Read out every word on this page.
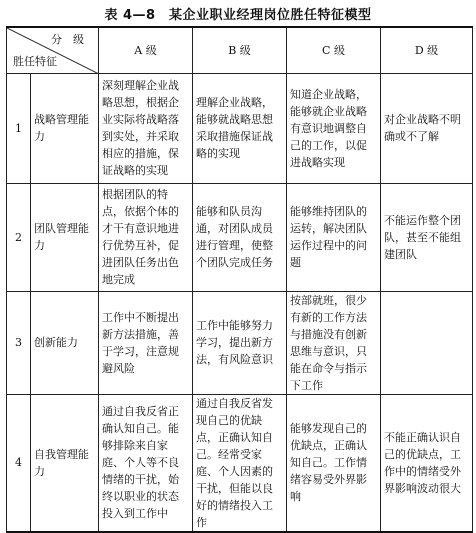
表 4—8　某企业职业经理岗位胜任特征模型
分　级
胜任特征		A 级	B 级	C 级	D 级
1	战略管理能力	深刻理解企业战略思想，根据企业实际将战略落到实处，并采取相应的措施，保证战略的实现	理解企业战略，能够就战略思想采取措施保证战略的实现	知道企业战略，能够就企业战略有意识地调整自己的工作，以促进战略实现	对企业战略不明确或不了解
2	团队管理能力	根据团队的特点，依据个体的才干有意识地进行优势互补，促进团队任务出色地完成	能够和队员沟通，对团队成员进行管理，使整个团队完成任务	能够维持团队的运转，解决团队运作过程中的问题	不能运作整个团队，甚至不能组建团队
3	创新能力	工作中不断提出新方法措施，善于学习，注意规避风险	工作中能够努力学习，提出新方法，有风险意识	按部就班，很少有新的工作方法与措施没有创新思维与意识，只能在命令与指示下工作	
4	自我管理能力	通过自我反省正确认知自己。能够排除来自家庭、个人等不良情绪的干扰，始终以职业的状态投入到工作中	通过自我反省发现自己的优缺点，正确认知自己。经常受家庭、个人因素的干扰，但能以良好的情绪投入工作	能够发现自己的优缺点，正确认知自己。工作情绪容易受外界影响	不能正确认识自己的优缺点，工作中的情绪受外界影响波动很大
